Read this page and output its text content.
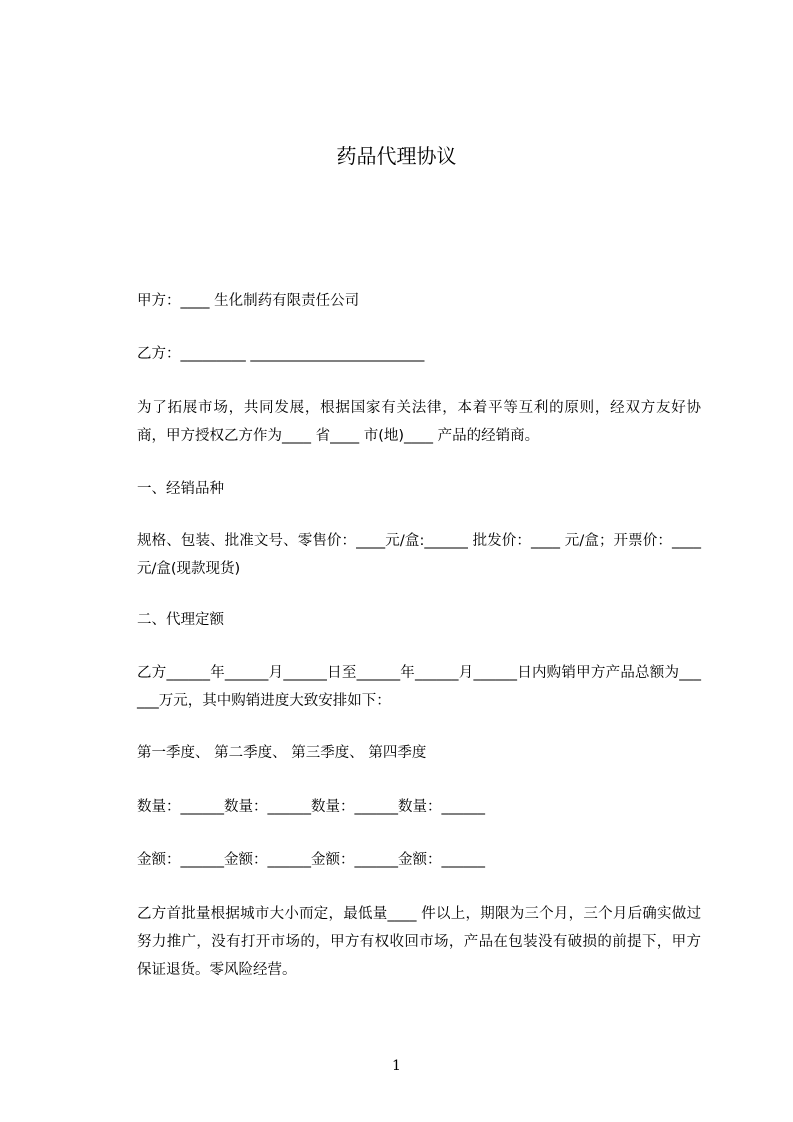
药品代理协议
甲方：____ 生化制药有限责任公司
乙方：_________ ________________________
为了拓展市场，共同发展，根据国家有关法律，本着平等互利的原则，经双方友好协商，甲方授权乙方作为____ 省____ 市(地)____ 产品的经销商。
一、经销品种
规格、包装、批准文号、零售价：____元/盒:______ 批发价：____ 元/盒；开票价：____元/盒(现款现货)
二、代理定额
乙方______年______月______日至______年______月______日内购销甲方产品总额为______万元，其中购销进度大致安排如下：
第一季度、 第二季度、 第三季度、 第四季度
数量：______数量：______数量：______数量：______
金额：______金额：______金额：______金额：______
乙方首批量根据城市大小而定，最低量____ 件以上，期限为三个月，三个月后确实做过努力推广，没有打开市场的，甲方有权收回市场，产品在包装没有破损的前提下，甲方保证退货。零风险经营。
1
